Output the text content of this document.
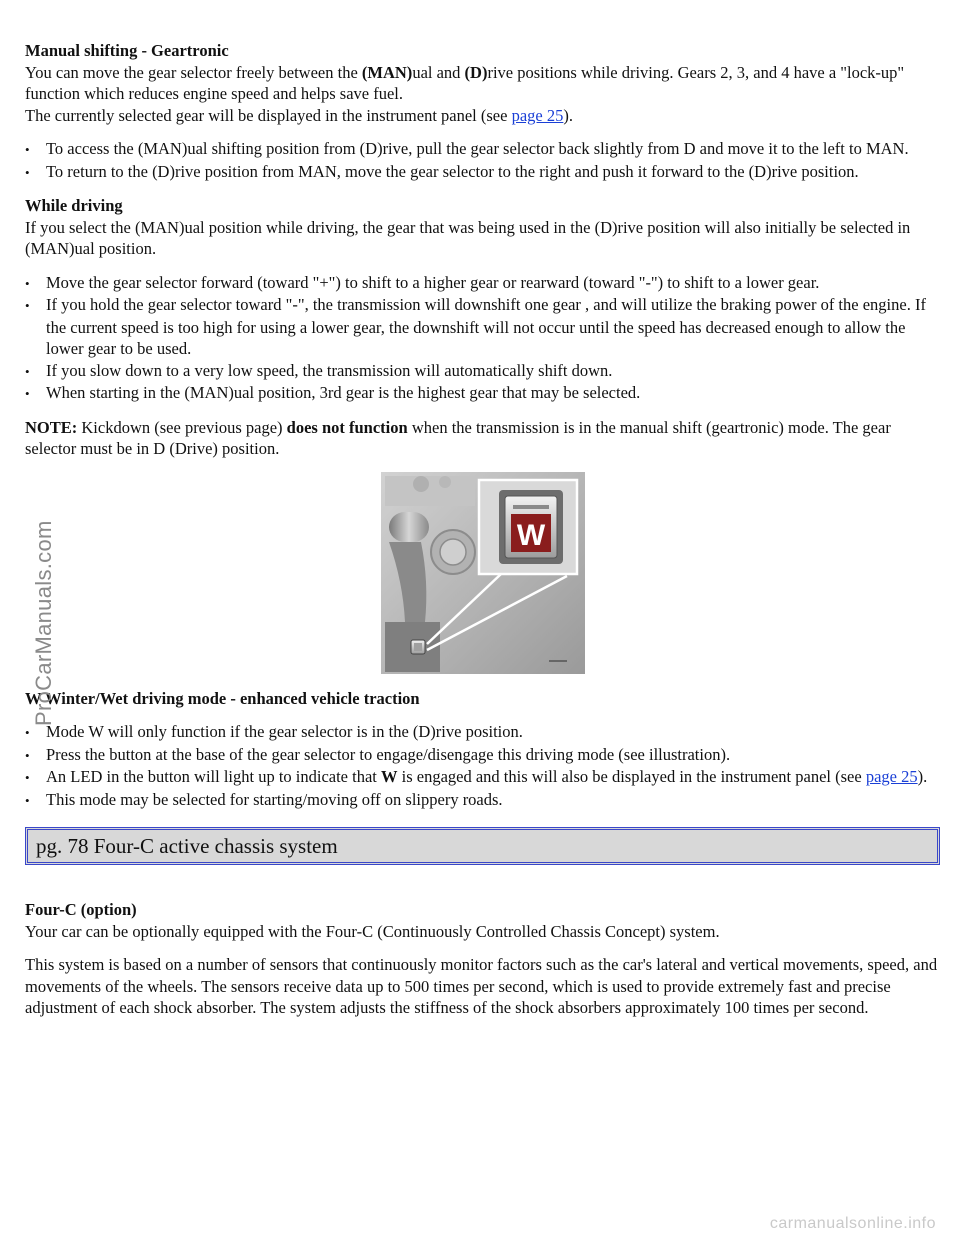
Manual shifting - Geartronic

You can move the gear selector freely between the (MAN)ual and (D)rive positions while driving. Gears 2, 3, and 4 have a "lock-up" function which reduces engine speed and helps save fuel.

The currently selected gear will be displayed in the instrument panel (see page 25).

• To access the (MAN)ual shifting position from (D)rive, pull the gear selector back slightly from D and move it to the left to MAN.
• To return to the (D)rive position from MAN, move the gear selector to the right and push it forward to the (D)rive position.
While driving

If you select the (MAN)ual position while driving, the gear that was being used in the (D)rive position will also initially be selected in (MAN)ual position.

• Move the gear selector forward (toward "+") to shift to a higher gear or rearward (toward "-") to shift to a lower gear.
• If you hold the gear selector toward "-", the transmission will downshift one gear , and will utilize the braking power of the engine. If the current speed is too high for using a lower gear, the downshift will not occur until the speed has decreased enough to allow the lower gear to be used.
• If you slow down to a very low speed, the transmission will automatically shift down.
• When starting in the (MAN)ual position, 3rd gear is the highest gear that may be selected.

NOTE: Kickdown (see previous page) does not function when the transmission is in the manual shift (geartronic) mode. The gear selector must be in D (Drive) position.

W
W Winter/Wet driving mode - enhanced vehicle traction
• Mode W will only function if the gear selector is in the (D)rive position.
• Press the button at the base of the gear selector to engage/disengage this driving mode (see illustration).
• An LED in the button will light up to indicate that W is engaged and this will also be displayed in the instrument panel (see page 25).
• This mode may be selected for starting/moving off on slippery roads.
pg. 78 Four-C active chassis system
Four-C (option)

Your car can be optionally equipped with the Four-C (Continuously Controlled Chassis Concept) system.

This system is based on a number of sensors that continuously monitor factors such as the car's lateral and vertical movements, speed, and movements of the wheels. The sensors receive data up to 500 times per second, which is used to provide extremely fast and precise adjustment of each shock absorber. The system adjusts the stiffness of the shock absorbers approximately 100 times per second.

ProCarManuals.com
carmanualsonline.info
